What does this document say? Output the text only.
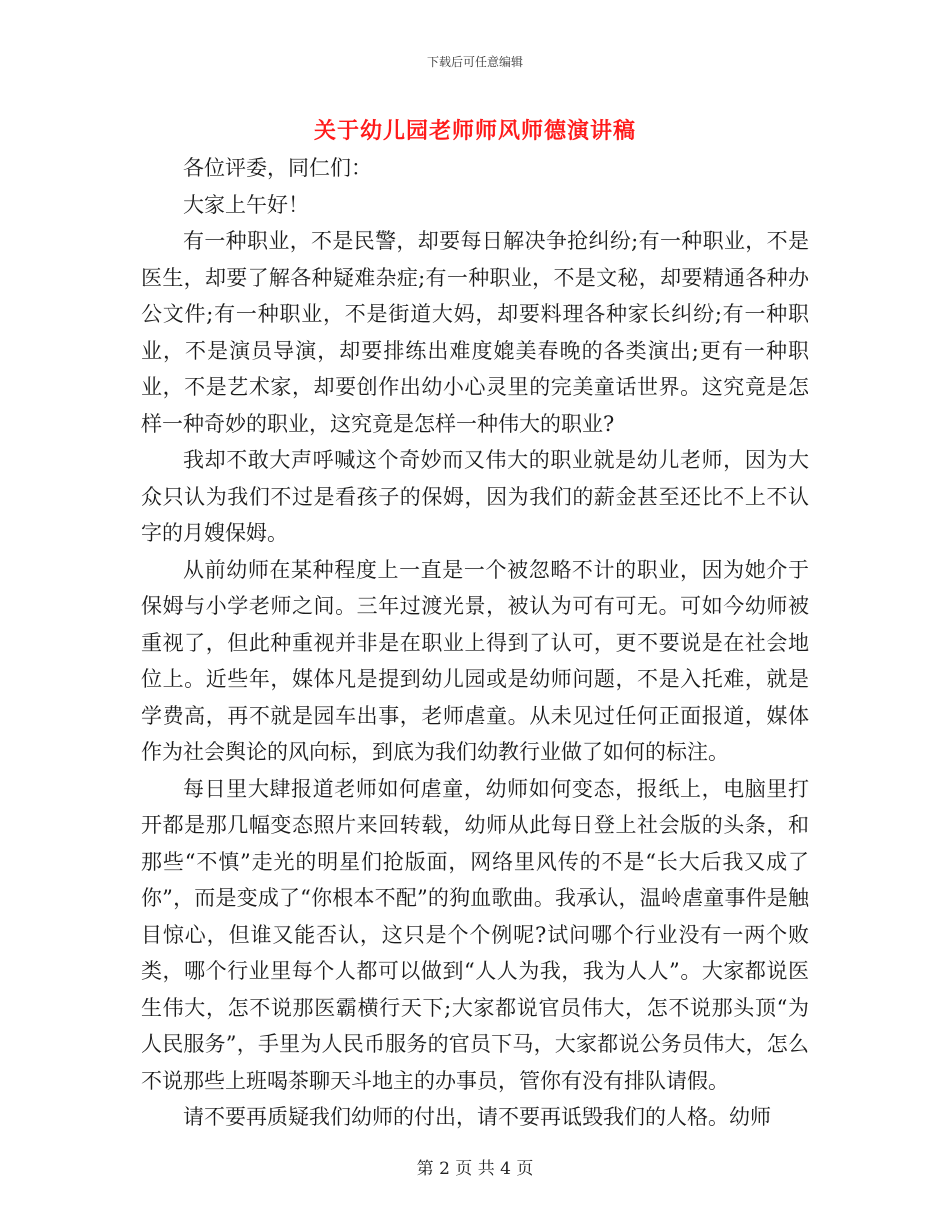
下载后可任意编辑
关于幼儿园老师师风师德演讲稿

各位评委，同仁们：

大家上午好！

有一种职业，不是民警，却要每日解决争抢纠纷;有一种职业，不是医生，却要了解各种疑难杂症;有一种职业，不是文秘，却要精通各种办公文件;有一种职业，不是街道大妈，却要料理各种家长纠纷;有一种职业，不是演员导演，却要排练出难度媲美春晚的各类演出;更有一种职业，不是艺术家，却要创作出幼小心灵里的完美童话世界。这究竟是怎样一种奇妙的职业，这究竟是怎样一种伟大的职业?

我却不敢大声呼喊这个奇妙而又伟大的职业就是幼儿老师，因为大众只认为我们不过是看孩子的保姆，因为我们的薪金甚至还比不上不认字的月嫂保姆。

从前幼师在某种程度上一直是一个被忽略不计的职业，因为她介于保姆与小学老师之间。三年过渡光景，被认为可有可无。可如今幼师被重视了，但此种重视并非是在职业上得到了认可，更不要说是在社会地位上。近些年，媒体凡是提到幼儿园或是幼师问题，不是入托难，就是学费高，再不就是园车出事，老师虐童。从未见过任何正面报道，媒体作为社会舆论的风向标，到底为我们幼教行业做了如何的标注。

每日里大肆报道老师如何虐童，幼师如何变态，报纸上，电脑里打开都是那几幅变态照片来回转载，幼师从此每日登上社会版的头条，和那些“不慎”走光的明星们抢版面，网络里风传的不是“长大后我又成了你”，而是变成了“你根本不配”的狗血歌曲。我承认，温岭虐童事件是触目惊心，但谁又能否认，这只是个个例呢?试问哪个行业没有一两个败类，哪个行业里每个人都可以做到“人人为我，我为人人”。大家都说医生伟大，怎不说那医霸横行天下;大家都说官员伟大，怎不说那头顶“为人民服务”，手里为人民币服务的官员下马，大家都说公务员伟大，怎么不说那些上班喝茶聊天斗地主的办事员，管你有没有排队请假。

请不要再质疑我们幼师的付出，请不要再诋毁我们的人格。幼师

第 2 页 共 4 页
